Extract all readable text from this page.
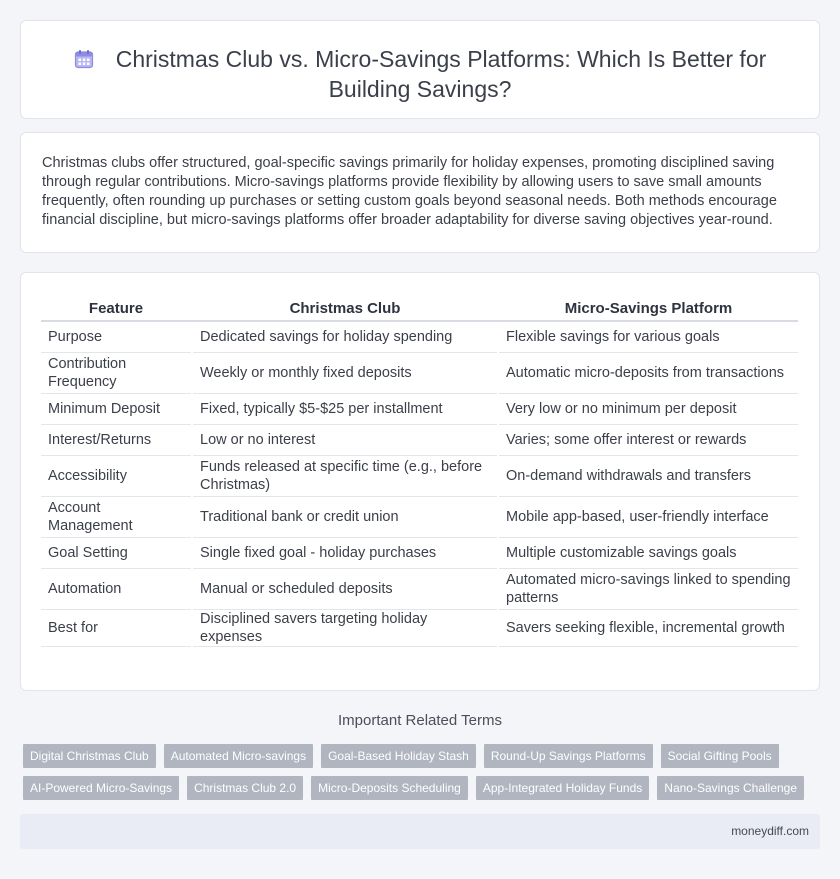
Christmas Club vs. Micro-Savings Platforms: Which Is Better for Building Savings?

Christmas clubs offer structured, goal-specific savings primarily for holiday expenses, promoting disciplined saving through regular contributions. Micro-savings platforms provide flexibility by allowing users to save small amounts frequently, often rounding up purchases or setting custom goals beyond seasonal needs. Both methods encourage financial discipline, but micro-savings platforms offer broader adaptability for diverse saving objectives year-round.

Feature	Christmas Club	Micro-Savings Platform
Purpose	Dedicated savings for holiday spending	Flexible savings for various goals
Contribution Frequency	Weekly or monthly fixed deposits	Automatic micro-deposits from transactions
Minimum Deposit	Fixed, typically $5-$25 per installment	Very low or no minimum per deposit
Interest/Returns	Low or no interest	Varies; some offer interest or rewards
Accessibility	Funds released at specific time (e.g., before Christmas)	On-demand withdrawals and transfers
Account Management	Traditional bank or credit union	Mobile app-based, user-friendly interface
Goal Setting	Single fixed goal - holiday purchases	Multiple customizable savings goals
Automation	Manual or scheduled deposits	Automated micro-savings linked to spending patterns
Best for	Disciplined savers targeting holiday expenses	Savers seeking flexible, incremental growth
Important Related Terms
Digital Christmas Club	Automated Micro-savings	Goal-Based Holiday Stash	Round-Up Savings Platforms	Social Gifting Pools
AI-Powered Micro-Savings	Christmas Club 2.0	Micro-Deposits Scheduling	App-Integrated Holiday Funds	Nano-Savings Challenge
moneydiff.com
